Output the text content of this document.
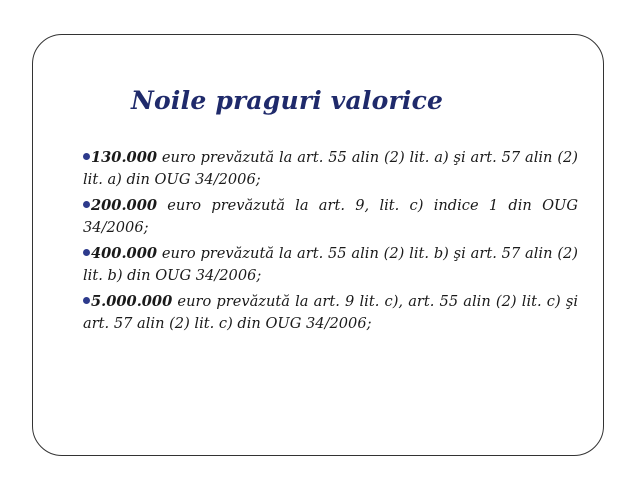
Noile praguri valorice
130.000 euro prevăzută la art. 55 alin (2) lit. a) şi art. 57 alin (2) lit. a) din OUG 34/2006;
200.000 euro prevăzută la art. 9, lit. c) indice 1 din OUG 34/2006;
400.000 euro prevăzută la art. 55 alin (2) lit. b) şi art. 57 alin (2) lit. b) din OUG 34/2006;
5.000.000 euro prevăzută la art. 9 lit. c), art. 55 alin (2) lit. c) şi art. 57 alin (2) lit. c) din OUG 34/2006;
